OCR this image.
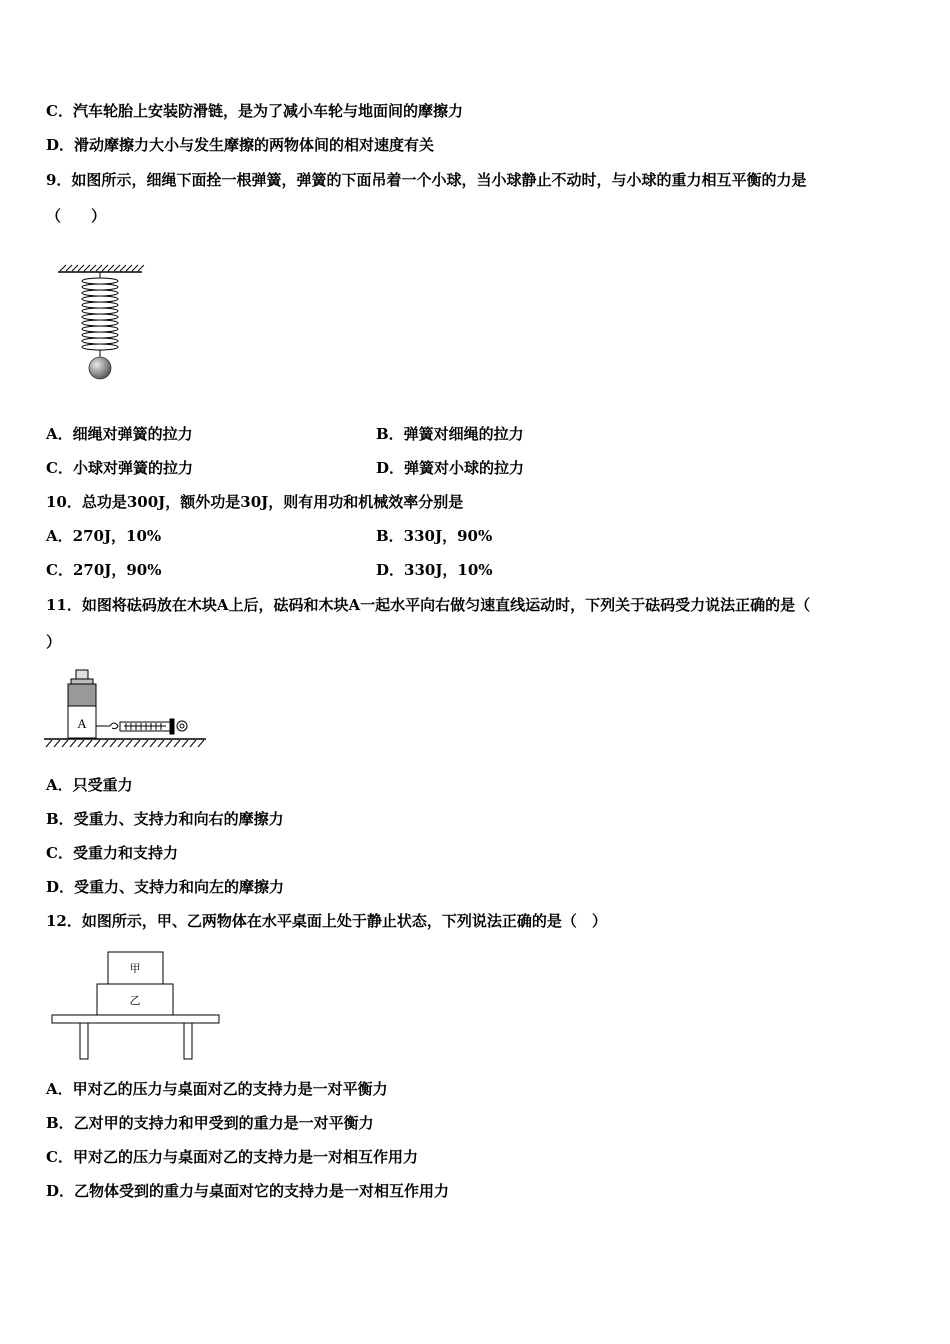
C．汽车轮胎上安装防滑链，是为了减小车轮与地面间的摩擦力
D．滑动摩擦力大小与发生摩擦的两物体间的相对速度有关
9．如图所示，细绳下面拴一根弹簧，弹簧的下面吊着一个小球，当小球静止不动时，与小球的重力相互平衡的力是
（　　）
A．细绳对弹簧的拉力	B．弹簧对细绳的拉力
C．小球对弹簧的拉力	D．弹簧对小球的拉力
10．总功是300J，额外功是30J，则有用功和机械效率分别是
A．270J，10%	B．330J，90%
C．270J，90%	D．330J，10%
11．如图将砝码放在木块A上后，砝码和木块A一起水平向右做匀速直线运动时，下列关于砝码受力说法正确的是（
）
A
A．只受重力
B．受重力、支持力和向右的摩擦力
C．受重力和支持力
D．受重力、支持力和向左的摩擦力
12．如图所示，甲、乙两物体在水平桌面上处于静止状态，下列说法正确的是（　）
甲
乙
A．甲对乙的压力与桌面对乙的支持力是一对平衡力
B．乙对甲的支持力和甲受到的重力是一对平衡力
C．甲对乙的压力与桌面对乙的支持力是一对相互作用力
D．乙物体受到的重力与桌面对它的支持力是一对相互作用力
